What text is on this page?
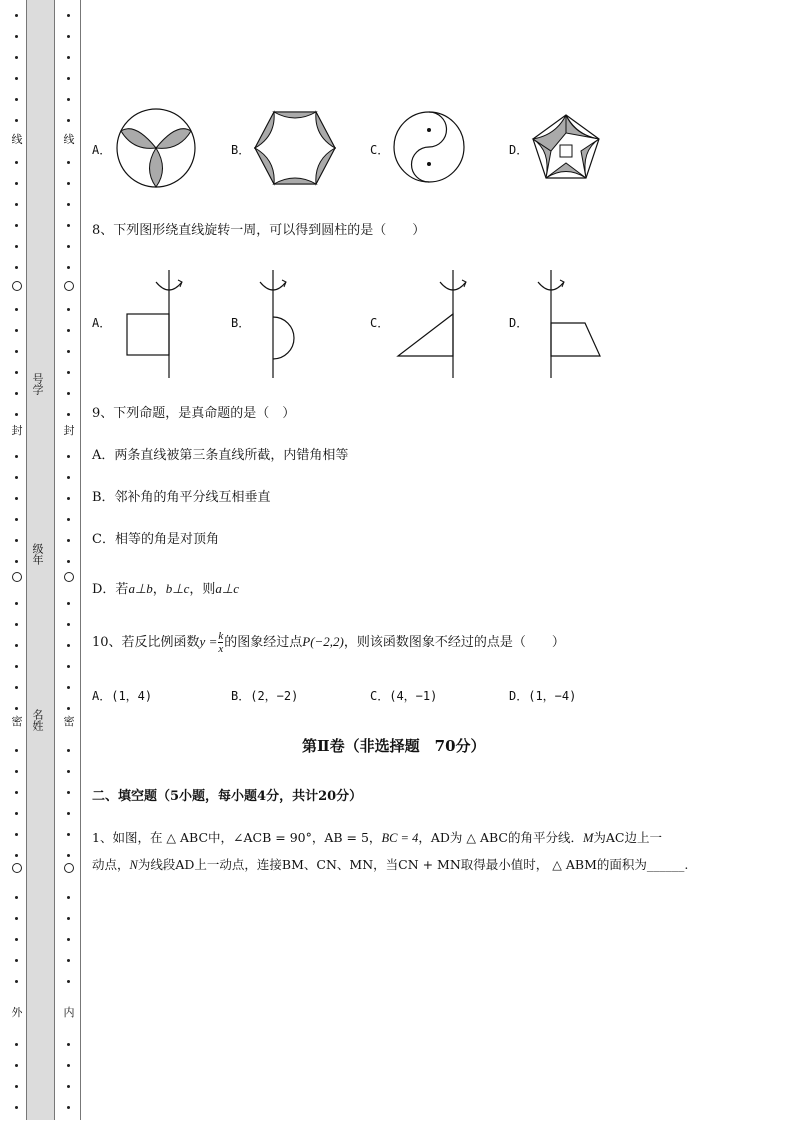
线
封
密
外
线
封
密
内
号学
级年
名姓
A．	B．	C．	D．
8、下列图形绕直线旋转一周，可以得到圆柱的是（　　）
A．	B．	C．	D．
9、下列命题，是真命题的是（　）
A．两条直线被第三条直线所截，内错角相等
B．邻补角的角平分线互相垂直
C．相等的角是对顶角
D．若a⊥b，b⊥c，则a⊥c
10、若反比例函数$y = \frac{k}{x}$ 的图象经过点P(−2,2)，则该函数图象不经过的点是（　　）
A．(1，4)	B．(2，−2)	C．(4，−1)	D．(1，−4)
第Ⅱ卷（非选择题　70分）
二、填空题（5小题，每小题4分，共计20分）
1、如图，在 △ ABC中，∠ACB = 90°，AB = 5，BC = 4，AD为 △ ABC的角平分线．M为AC边上一
动点，N为线段AD上一动点，连接BM、CN、MN，当CN + MN取得最小值时， △ ABM的面积为______.
